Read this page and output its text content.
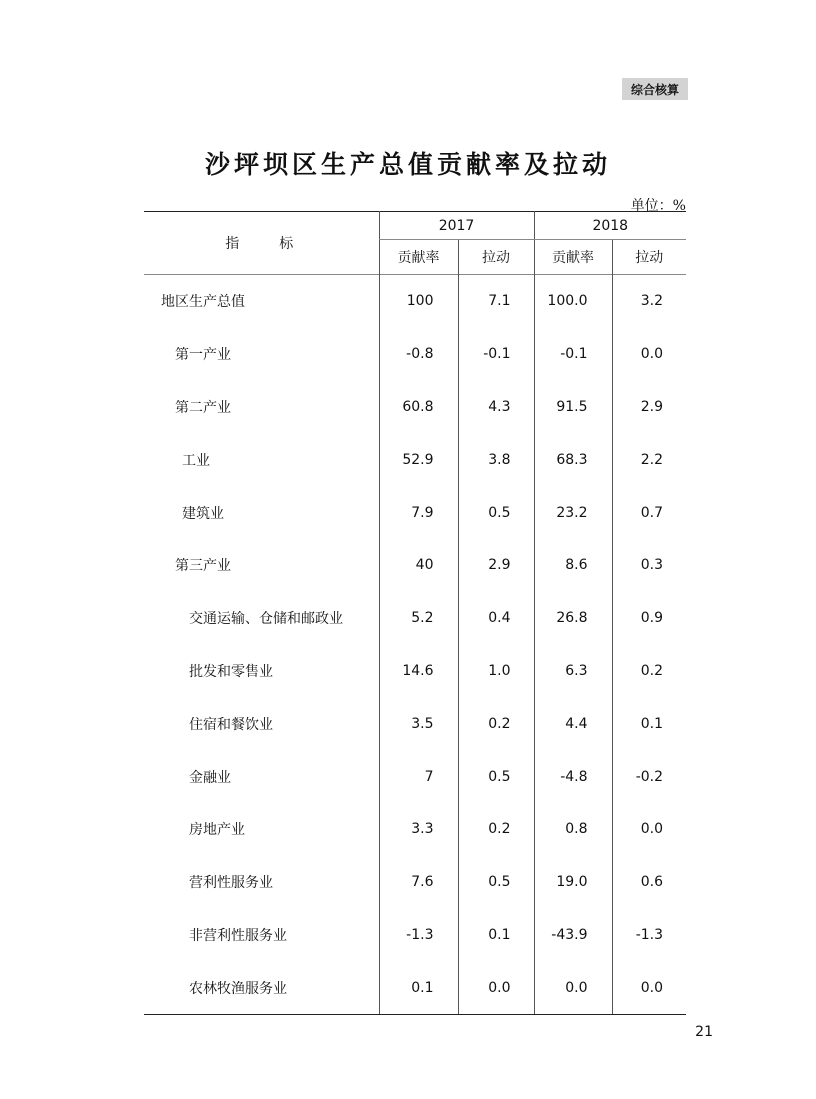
综合核算
沙坪坝区生产总值贡献率及拉动
单位：%
指 标	2017		2018	
	贡献率	拉动	贡献率	拉动
地区生产总值	100	7.1	100.0	3.2
第一产业	-0.8	-0.1	-0.1	0.0
第二产业	60.8	4.3	91.5	2.9
工业	52.9	3.8	68.3	2.2
建筑业	7.9	0.5	23.2	0.7
第三产业	40	2.9	8.6	0.3
交通运输、仓储和邮政业	5.2	0.4	26.8	0.9
批发和零售业	14.6	1.0	6.3	0.2
住宿和餐饮业	3.5	0.2	4.4	0.1
金融业	7	0.5	-4.8	-0.2
房地产业	3.3	0.2	0.8	0.0
营利性服务业	7.6	0.5	19.0	0.6
非营利性服务业	-1.3	0.1	-43.9	-1.3
农林牧渔服务业	0.1	0.0	0.0	0.0
21
